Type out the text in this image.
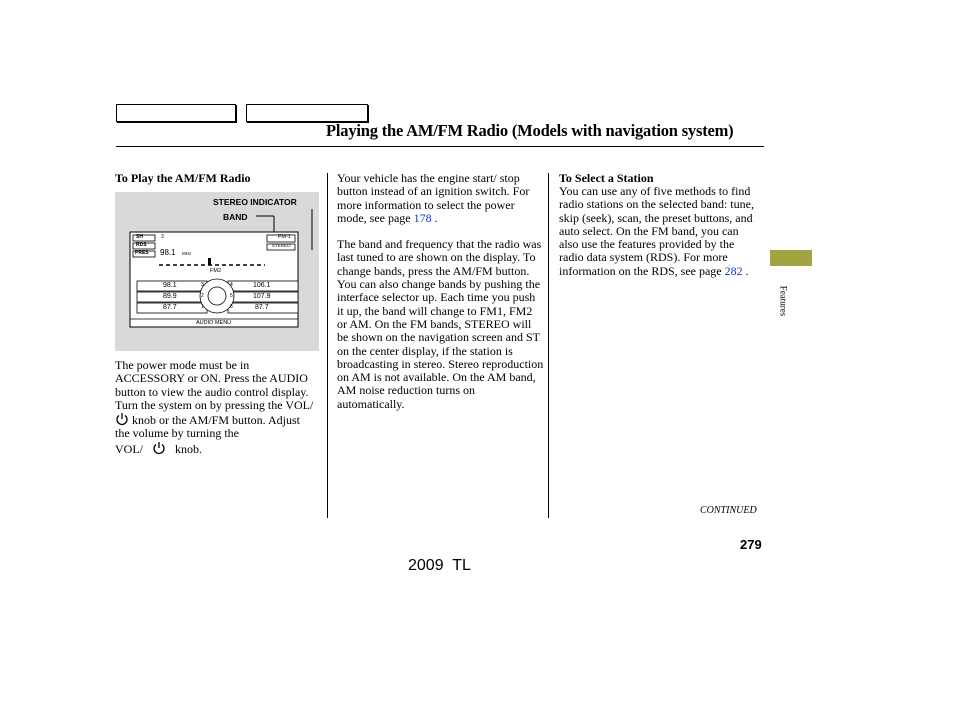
Playing the AM/FM Radio (Models with navigation system)
To Play the AM/FM Radio
STEREO INDICATOR
BAND
SH	3
RDS
PRES 98.1 MHz
FM-1
STEREO
FM2
98.1
89.9
87.7
3
2
1
106.1
107.9
87.7
4
5
6
AUDIO MENU

The power mode must be in ACCESSORY or ON. Press the AUDIO button to view the audio control display. Turn the system on by pressing the VOL/  knob or the AM/FM button. Adjust the volume by turning the
VOL/	knob.

Your vehicle has the engine start/ stop button instead of an ignition switch. For more information to select the power mode, see page 178 .

The band and frequency that the radio was last tuned to are shown on the display. To change bands, press the AM/FM button. You can also change bands by pushing the interface selector up. Each time you push it up, the band will change to FM1, FM2 or AM. On the FM bands, STEREO will be shown on the navigation screen and ST on the center display, if the station is broadcasting in stereo. Stereo reproduction on AM is not available. On the AM band, AM noise reduction turns on automatically.

To Select a Station

You can use any of five methods to find radio stations on the selected band: tune, skip (seek), scan, the preset buttons, and auto select. On the FM band, you can also use the features provided by the radio data system (RDS). For more information on the RDS, see page 282 .

Features
CONTINUED
279
2009  TL
